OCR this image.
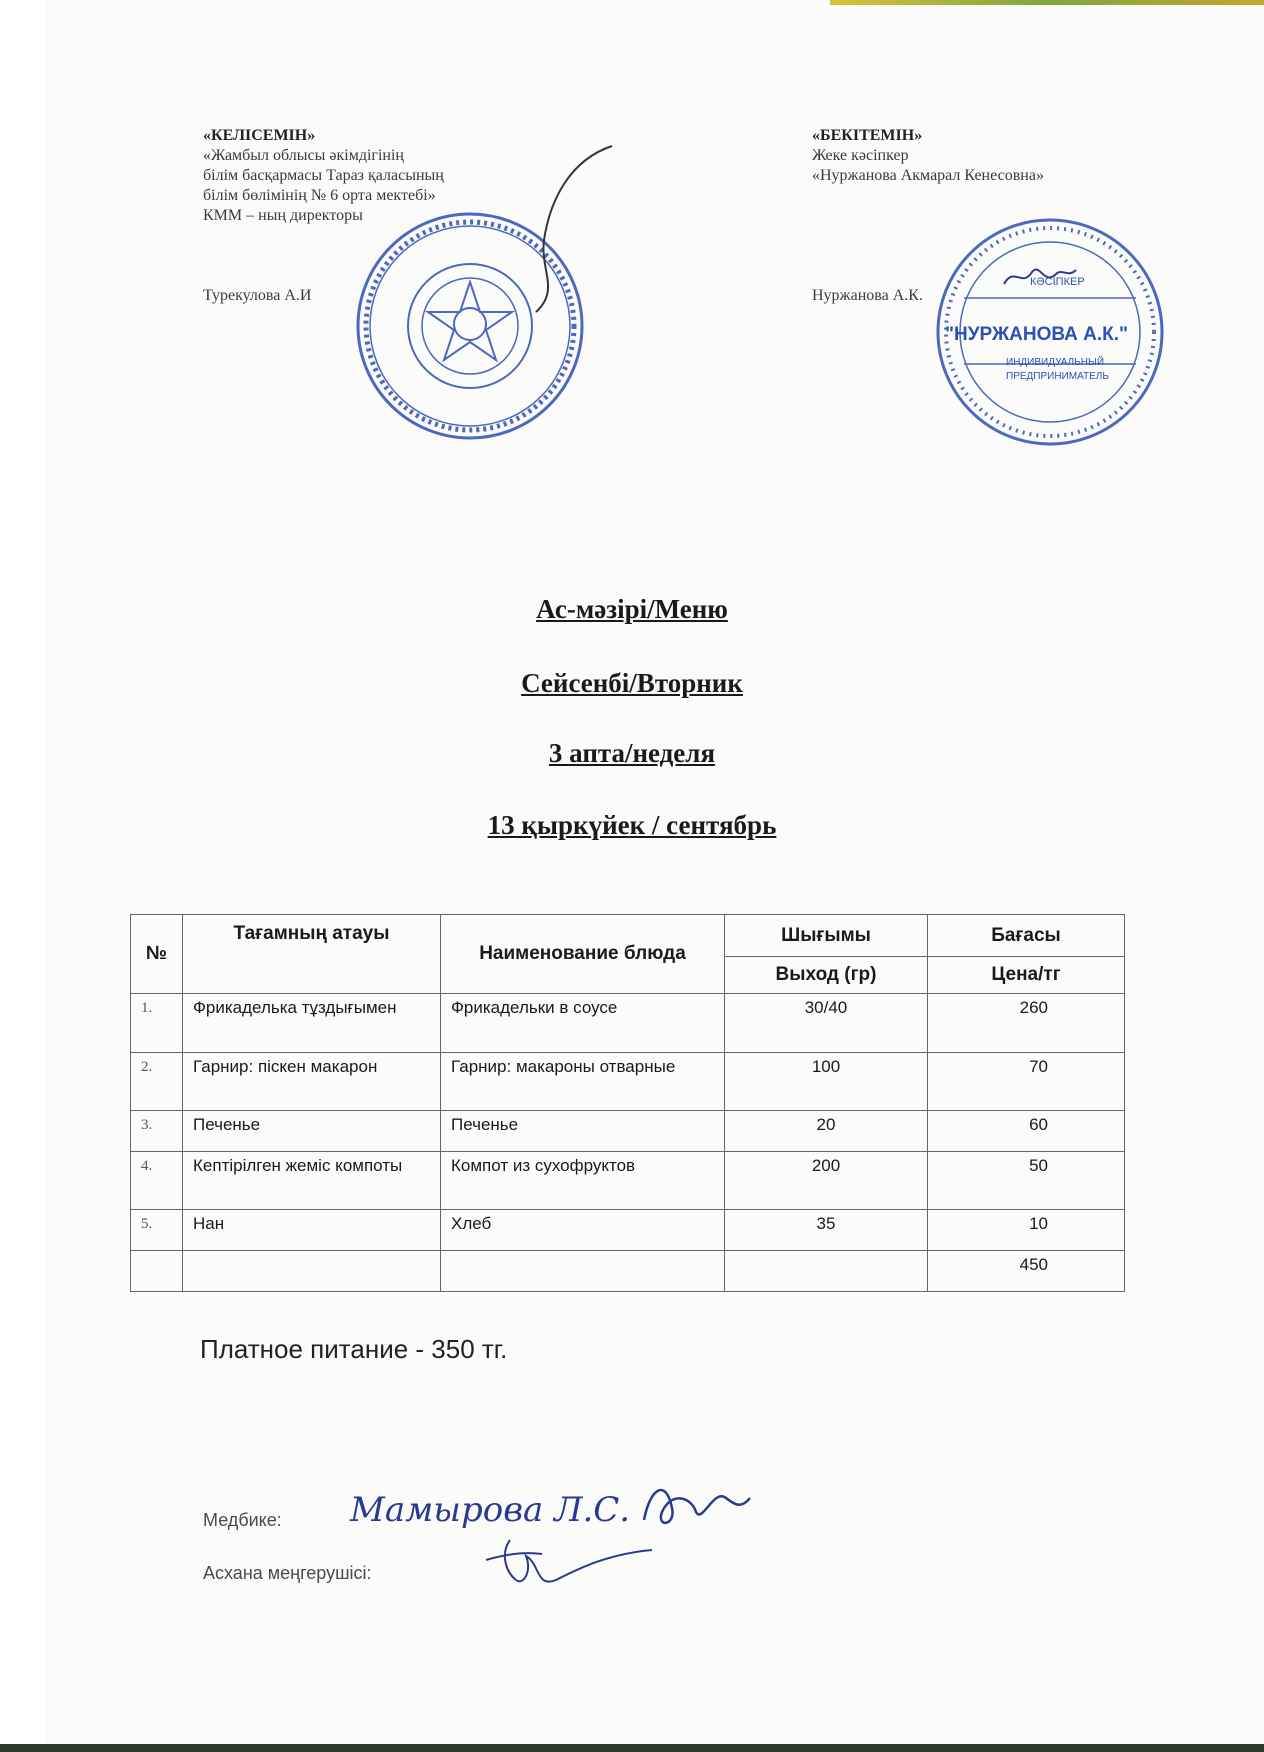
«КЕЛІСЕМІН»
«Жамбыл облысы әкімдігінің
білім басқармасы Тараз қаласының
білім бөлімінің № 6 орта мектебі»
КММ – ның директоры
Турекулова А.И
«БЕКІТЕМІН»
Жеке кәсіпкер
«Нуржанова Акмарал Кенесовна»
Нуржанова А.К.
КӘСІПКЕР
"НУРЖАНОВА А.К."
ИНДИВИДУАЛЬНЫЙ
ПРЕДПРИНИМАТЕЛЬ
Ас-мәзірі/Меню
Сейсенбі/Вторник
3 апта/неделя
13 қыркүйек / сентябрь
№	Тағамның атауы	Наименование блюда	Шығымы	Бағасы
			Выход (гр)	Цена/тг
1.	Фрикаделька тұздығымен	Фрикадельки в соусе	30/40	260
2.	Гарнир: піскен макарон	Гарнир: макароны отварные	100	70
3.	Печенье	Печенье	20	60
4.	Кептірілген жеміс компоты	Компот из сухофруктов	200	50
5.	Нан	Хлеб	35	10
				450
Платное питание - 350 тг.
Медбике: Мамырова Л.С.
Асхана меңгерушісі:
